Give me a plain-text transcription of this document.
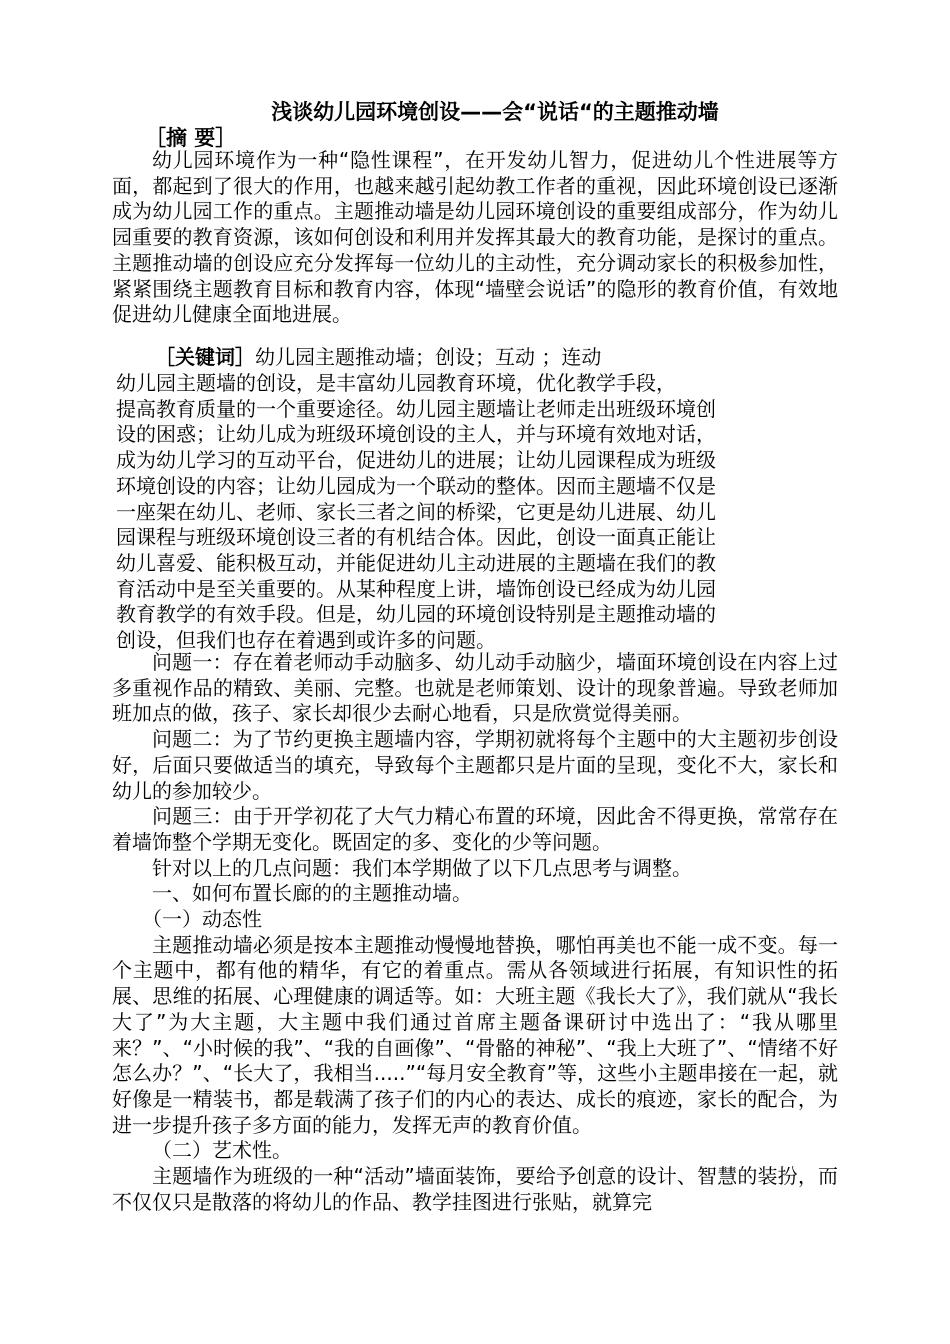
浅谈幼儿园环境创设——会“说话“的主题推动墙
［摘 要］

幼儿园环境作为一种“隐性课程”，在开发幼儿智力，促进幼儿个性进展等方面，都起到了很大的作用，也越来越引起幼教工作者的重视，因此环境创设已逐渐成为幼儿园工作的重点。主题推动墙是幼儿园环境创设的重要组成部分，作为幼儿园重要的教育资源，该如何创设和利用并发挥其最大的教育功能，是探讨的重点。主题推动墙的创设应充分发挥每一位幼儿的主动性，充分调动家长的积极参加性，紧紧围绕主题教育目标和教育内容，体现“墙壁会说话”的隐形的教育价值，有效地促进幼儿健康全面地进展。

［关键词］幼儿园主题推动墙；创设；互动 ；连动
幼儿园主题墙的创设，是丰富幼儿园教育环境，优化教学手段，
提高教育质量的一个重要途径。幼儿园主题墙让老师走出班级环境创
设的困惑；让幼儿成为班级环境创设的主人，并与环境有效地对话，
成为幼儿学习的互动平台，促进幼儿的进展；让幼儿园课程成为班级
环境创设的内容；让幼儿园成为一个联动的整体。因而主题墙不仅是
一座架在幼儿、老师、家长三者之间的桥梁，它更是幼儿进展、幼儿
园课程与班级环境创设三者的有机结合体。因此，创设一面真正能让
幼儿喜爱、能积极互动，并能促进幼儿主动进展的主题墙在我们的教
育活动中是至关重要的。从某种程度上讲，墙饰创设已经成为幼儿园
教育教学的有效手段。但是，幼儿园的环境创设特别是主题推动墙的
创设，但我们也存在着遇到或许多的问题。

问题一：存在着老师动手动脑多、幼儿动手动脑少，墙面环境创设在内容上过多重视作品的精致、美丽、完整。也就是老师策划、设计的现象普遍。导致老师加班加点的做，孩子、家长却很少去耐心地看，只是欣赏觉得美丽。

问题二：为了节约更换主题墙内容，学期初就将每个主题中的大主题初步创设好，后面只要做适当的填充，导致每个主题都只是片面的呈现，变化不大，家长和幼儿的参加较少。

问题三：由于开学初花了大气力精心布置的环境，因此舍不得更换，常常存在着墙饰整个学期无变化。既固定的多、变化的少等问题。

针对以上的几点问题：我们本学期做了以下几点思考与调整。

一、如何布置长廊的的主题推动墙。

（一）动态性

主题推动墙必须是按本主题推动慢慢地替换，哪怕再美也不能一成不变。每一个主题中，都有他的精华，有它的着重点。需从各领域进行拓展，有知识性的拓展、思维的拓展、心理健康的调适等。如：大班主题《我长大了》，我们就从“我长大了”为大主题，大主题中我们通过首席主题备课研讨中选出了：“我从哪里来？”、“小时候的我”、“我的自画像”、“骨骼的神秘”、“我上大班了”、“情绪不好怎么办？”、“长大了，我相当.....”“每月安全教育”等，这些小主题串接在一起，就好像是一精装书，都是载满了孩子们的内心的表达、成长的痕迹，家长的配合，为进一步提升孩子多方面的能力，发挥无声的教育价值。

（二）艺术性。

主题墙作为班级的一种“活动”墙面装饰，要给予创意的设计、智慧的装扮，而不仅仅只是散落的将幼儿的作品、教学挂图进行张贴，就算完
